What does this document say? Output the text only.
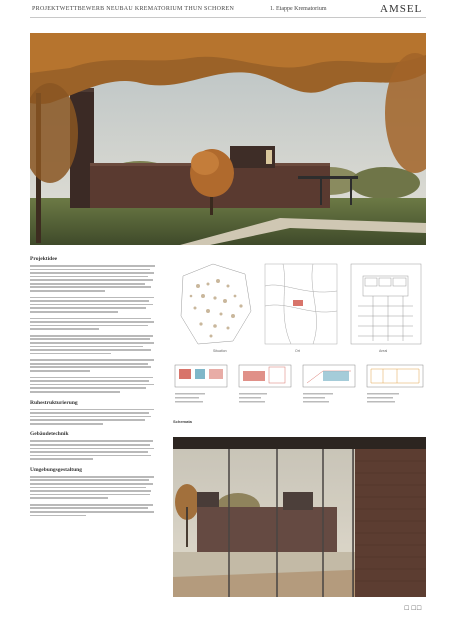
PROJEKTWETTBEWERB NEUBAU KREMATORIUM THUN SCHOREN	1. Etappe Krematorium	AMSEL
Projektidee
Ruhestrukturierung
Gebäudetechnik
Umgebungsgestaltung
Situation	Ort	Areal
Schemata
☐ ☐☐
